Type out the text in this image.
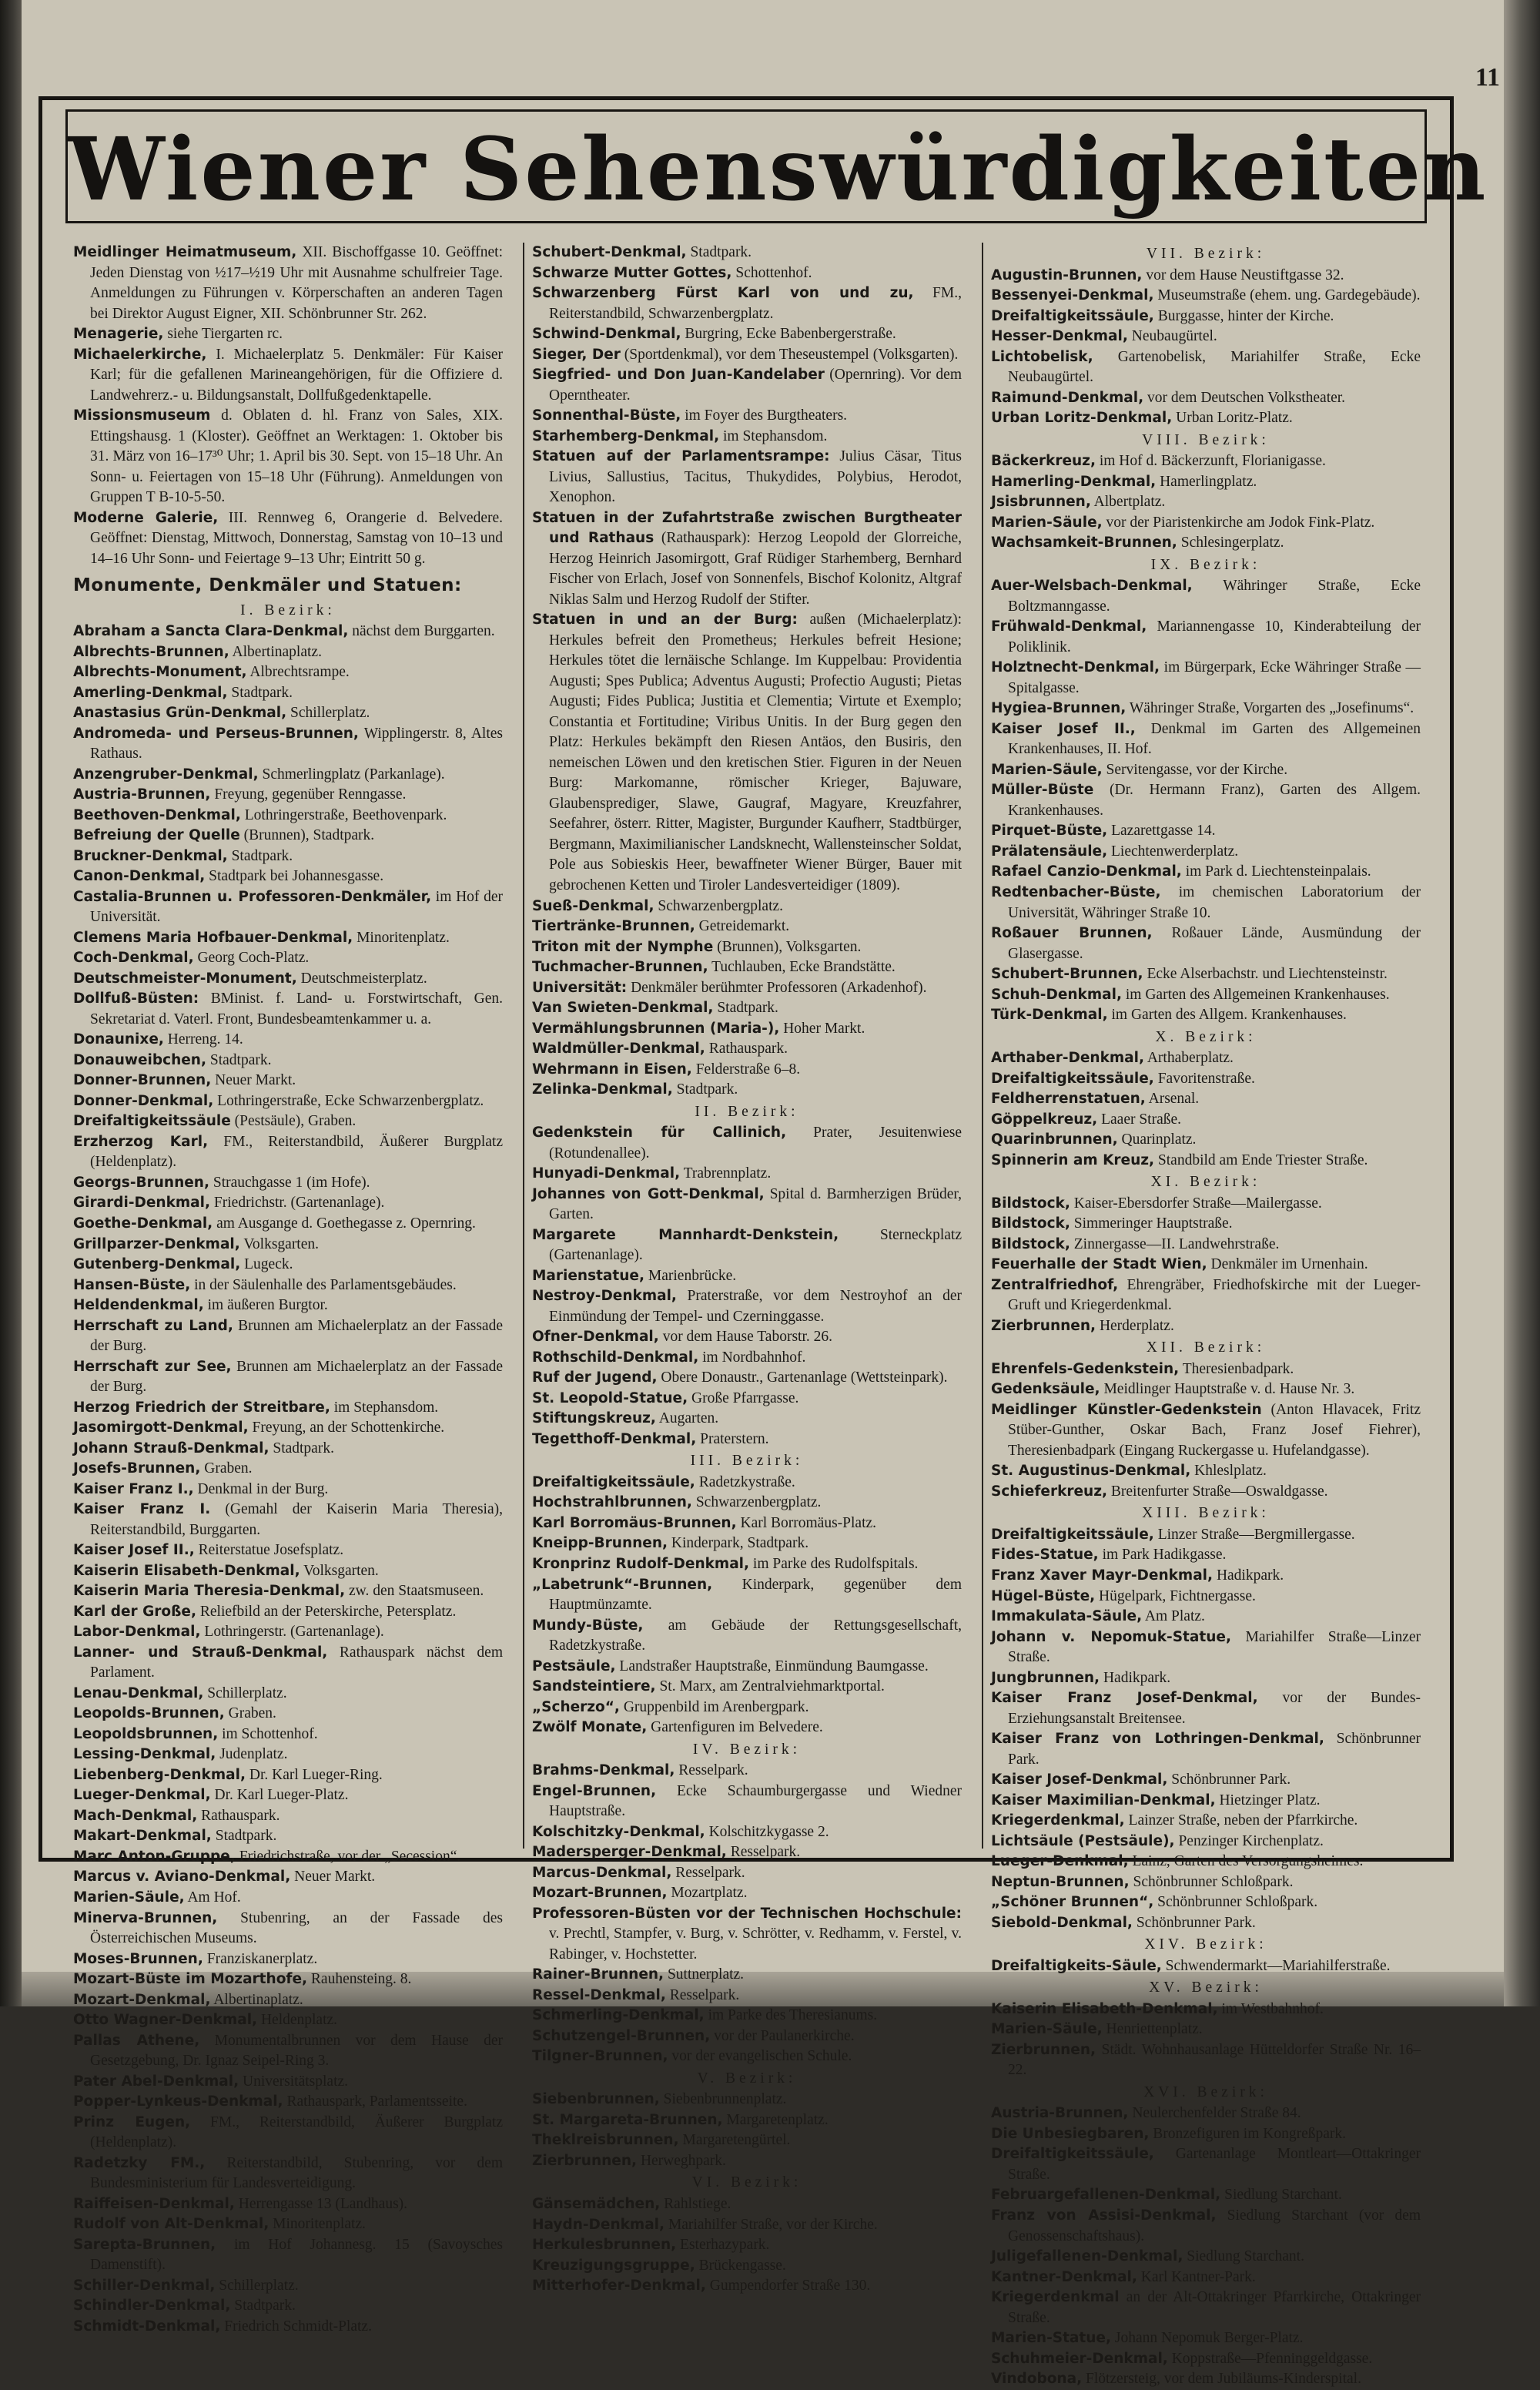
11
Wiener Sehenswürdigkeiten

Meidlinger Heimatmuseum, XII. Bischoffgasse 10. Geöffnet: Jeden Dienstag von ½17–½19 Uhr mit Ausnahme schulfreier Tage. Anmeldungen zu Führungen v. Körperschaften an anderen Tagen bei Direktor August Eigner, XII. Schönbrunner Str. 262.

Menagerie, siehe Tiergarten rc.

Michaelerkirche, I. Michaelerplatz 5. Denkmäler: Für Kaiser Karl; für die gefallenen Marineangehörigen, für die Offiziere d. Landwehrerz.- u. Bildungsanstalt, Dollfußgedenktapelle.

Missionsmuseum d. Oblaten d. hl. Franz von Sales, XIX. Ettingshausg. 1 (Kloster). Geöffnet an Werktagen: 1. Oktober bis 31. März von 16–17³⁰ Uhr; 1. April bis 30. Sept. von 15–18 Uhr. An Sonn- u. Feiertagen von 15–18 Uhr (Führung). Anmeldungen von Gruppen T B-10-5-50.

Moderne Galerie, III. Rennweg 6, Orangerie d. Belvedere. Geöffnet: Dienstag, Mittwoch, Donnerstag, Samstag von 10–13 und 14–16 Uhr Sonn- und Feiertage 9–13 Uhr; Eintritt 50 g.

Monumente, Denkmäler und Statuen:
I. Bezirk:

Abraham a Sancta Clara-Denkmal, nächst dem Burggarten.

Albrechts-Brunnen, Albertinaplatz.

Albrechts-Monument, Albrechtsrampe.

Amerling-Denkmal, Stadtpark.

Anastasius Grün-Denkmal, Schillerplatz.

Andromeda- und Perseus-Brunnen, Wipplingerstr. 8, Altes Rathaus.

Anzengruber-Denkmal, Schmerlingplatz (Parkanlage).

Austria-Brunnen, Freyung, gegenüber Renngasse.

Beethoven-Denkmal, Lothringerstraße, Beethovenpark.

Befreiung der Quelle (Brunnen), Stadtpark.

Bruckner-Denkmal, Stadtpark.

Canon-Denkmal, Stadtpark bei Johannesgasse.

Castalia-Brunnen u. Professoren-Denkmäler, im Hof der Universität.

Clemens Maria Hofbauer-Denkmal, Minoritenplatz.

Coch-Denkmal, Georg Coch-Platz.

Deutschmeister-Monument, Deutschmeisterplatz.

Dollfuß-Büsten: BMinist. f. Land- u. Forstwirtschaft, Gen. Sekretariat d. Vaterl. Front, Bundesbeamtenkammer u. a.

Donaunixe, Herreng. 14.

Donauweibchen, Stadtpark.

Donner-Brunnen, Neuer Markt.

Donner-Denkmal, Lothringerstraße, Ecke Schwarzenbergplatz.

Dreifaltigkeitssäule (Pestsäule), Graben.

Erzherzog Karl, FM., Reiterstandbild, Äußerer Burgplatz (Heldenplatz).

Georgs-Brunnen, Strauchgasse 1 (im Hofe).

Girardi-Denkmal, Friedrichstr. (Gartenanlage).

Goethe-Denkmal, am Ausgange d. Goethegasse z. Opernring.

Grillparzer-Denkmal, Volksgarten.

Gutenberg-Denkmal, Lugeck.

Hansen-Büste, in der Säulenhalle des Parlamentsgebäudes.

Heldendenkmal, im äußeren Burgtor.

Herrschaft zu Land, Brunnen am Michaelerplatz an der Fassade der Burg.

Herrschaft zur See, Brunnen am Michaelerplatz an der Fassade der Burg.

Herzog Friedrich der Streitbare, im Stephansdom.

Jasomirgott-Denkmal, Freyung, an der Schottenkirche.

Johann Strauß-Denkmal, Stadtpark.

Josefs-Brunnen, Graben.

Kaiser Franz I., Denkmal in der Burg.

Kaiser Franz I. (Gemahl der Kaiserin Maria Theresia), Reiterstandbild, Burggarten.

Kaiser Josef II., Reiterstatue Josefsplatz.

Kaiserin Elisabeth-Denkmal, Volksgarten.

Kaiserin Maria Theresia-Denkmal, zw. den Staatsmuseen.

Karl der Große, Reliefbild an der Peterskirche, Petersplatz.

Labor-Denkmal, Lothringerstr. (Gartenanlage).

Lanner- und Strauß-Denkmal, Rathauspark nächst dem Parlament.

Lenau-Denkmal, Schillerplatz.

Leopolds-Brunnen, Graben.

Leopoldsbrunnen, im Schottenhof.

Lessing-Denkmal, Judenplatz.

Liebenberg-Denkmal, Dr. Karl Lueger-Ring.

Lueger-Denkmal, Dr. Karl Lueger-Platz.

Mach-Denkmal, Rathauspark.

Makart-Denkmal, Stadtpark.

Marc Anton-Gruppe, Friedrichstraße, vor der „Secession“.

Marcus v. Aviano-Denkmal, Neuer Markt.

Marien-Säule, Am Hof.

Minerva-Brunnen, Stubenring, an der Fassade des Österreichischen Museums.

Moses-Brunnen, Franziskanerplatz.

Mozart-Büste im Mozarthofe, Rauhensteing. 8.

Mozart-Denkmal, Albertinaplatz.

Otto Wagner-Denkmal, Heldenplatz.

Pallas Athene, Monumentalbrunnen vor dem Hause der Gesetzgebung, Dr. Ignaz Seipel-Ring 3.

Pater Abel-Denkmal, Universitätsplatz.

Popper-Lynkeus-Denkmal, Rathauspark, Parlamentsseite.

Prinz Eugen, FM., Reiterstandbild, Äußerer Burgplatz (Heldenplatz).

Radetzky FM., Reiterstandbild, Stubenring, vor dem Bundesministerium für Landesverteidigung.

Raiffeisen-Denkmal, Herrengasse 13 (Landhaus).

Rudolf von Alt-Denkmal, Minoritenplatz.

Sarepta-Brunnen, im Hof Johannesg. 15 (Savoysches Damenstift).

Schiller-Denkmal, Schillerplatz.

Schindler-Denkmal, Stadtpark.

Schmidt-Denkmal, Friedrich Schmidt-Platz.

Schubert-Denkmal, Stadtpark.

Schwarze Mutter Gottes, Schottenhof.

Schwarzenberg Fürst Karl von und zu, FM., Reiterstandbild, Schwarzenbergplatz.

Schwind-Denkmal, Burgring, Ecke Babenbergerstraße.

Sieger, Der (Sportdenkmal), vor dem Theseustempel (Volksgarten).

Siegfried- und Don Juan-Kandelaber (Opernring). Vor dem Operntheater.

Sonnenthal-Büste, im Foyer des Burgtheaters.

Starhemberg-Denkmal, im Stephansdom.

Statuen auf der Parlamentsrampe: Julius Cäsar, Titus Livius, Sallustius, Tacitus, Thukydides, Polybius, Herodot, Xenophon.

Statuen in der Zufahrtstraße zwischen Burgtheater und Rathaus (Rathauspark): Herzog Leopold der Glorreiche, Herzog Heinrich Jasomirgott, Graf Rüdiger Starhemberg, Bernhard Fischer von Erlach, Josef von Sonnenfels, Bischof Kolonitz, Altgraf Niklas Salm und Herzog Rudolf der Stifter.

Statuen in und an der Burg: außen (Michaelerplatz): Herkules befreit den Prometheus; Herkules befreit Hesione; Herkules tötet die lernäische Schlange. Im Kuppelbau: Providentia Augusti; Spes Publica; Adventus Augusti; Profectio Augusti; Pietas Augusti; Fides Publica; Justitia et Clementia; Virtute et Exemplo; Constantia et Fortitudine; Viribus Unitis. In der Burg gegen den Platz: Herkules bekämpft den Riesen Antäos, den Busiris, den nemeischen Löwen und den kretischen Stier. Figuren in der Neuen Burg: Markomanne, römischer Krieger, Bajuware, Glaubensprediger, Slawe, Gaugraf, Magyare, Kreuzfahrer, Seefahrer, österr. Ritter, Magister, Burgunder Kaufherr, Stadtbürger, Bergmann, Maximilianischer Landsknecht, Wallensteinscher Soldat, Pole aus Sobieskis Heer, bewaffneter Wiener Bürger, Bauer mit gebrochenen Ketten und Tiroler Landesverteidiger (1809).

Sueß-Denkmal, Schwarzenbergplatz.

Tiertränke-Brunnen, Getreidemarkt.

Triton mit der Nymphe (Brunnen), Volksgarten.

Tuchmacher-Brunnen, Tuchlauben, Ecke Brandstätte.

Universität: Denkmäler berühmter Professoren (Arkadenhof).

Van Swieten-Denkmal, Stadtpark.

Vermählungsbrunnen (Maria-), Hoher Markt.

Waldmüller-Denkmal, Rathauspark.

Wehrmann in Eisen, Felderstraße 6–8.

Zelinka-Denkmal, Stadtpark.

II. Bezirk:

Gedenkstein für Callinich, Prater, Jesuitenwiese (Rotundenallee).

Hunyadi-Denkmal, Trabrennplatz.

Johannes von Gott-Denkmal, Spital d. Barmherzigen Brüder, Garten.

Margarete Mannhardt-Denkstein, Sterneckplatz (Gartenanlage).

Marienstatue, Marienbrücke.

Nestroy-Denkmal, Praterstraße, vor dem Nestroyhof an der Einmündung der Tempel- und Czerninggasse.

Ofner-Denkmal, vor dem Hause Taborstr. 26.

Rothschild-Denkmal, im Nordbahnhof.

Ruf der Jugend, Obere Donaustr., Gartenanlage (Wettsteinpark).

St. Leopold-Statue, Große Pfarrgasse.

Stiftungskreuz, Augarten.

Tegetthoff-Denkmal, Praterstern.

III. Bezirk:

Dreifaltigkeitssäule, Radetzkystraße.

Hochstrahlbrunnen, Schwarzenbergplatz.

Karl Borromäus-Brunnen, Karl Borromäus-Platz.

Kneipp-Brunnen, Kinderpark, Stadtpark.

Kronprinz Rudolf-Denkmal, im Parke des Rudolfspitals.

„Labetrunk“-Brunnen, Kinderpark, gegenüber dem Hauptmünzamte.

Mundy-Büste, am Gebäude der Rettungsgesellschaft, Radetzkystraße.

Pestsäule, Landstraßer Hauptstraße, Einmündung Baumgasse.

Sandsteintiere, St. Marx, am Zentralviehmarktportal.

„Scherzo“, Gruppenbild im Arenbergpark.

Zwölf Monate, Gartenfiguren im Belvedere.

IV. Bezirk:

Brahms-Denkmal, Resselpark.

Engel-Brunnen, Ecke Schaumburgergasse und Wiedner Hauptstraße.

Kolschitzky-Denkmal, Kolschitzkygasse 2.

Madersperger-Denkmal, Resselpark.

Marcus-Denkmal, Resselpark.

Mozart-Brunnen, Mozartplatz.

Professoren-Büsten vor der Technischen Hochschule: v. Prechtl, Stampfer, v. Burg, v. Schrötter, v. Redhamm, v. Ferstel, v. Rabinger, v. Hochstetter.

Rainer-Brunnen, Suttnerplatz.

Ressel-Denkmal, Resselpark.

Schmerling-Denkmal, im Parke des Theresianums.

Schutzengel-Brunnen, vor der Paulanerkirche.

Tilgner-Brunnen, vor der evangelischen Schule.

V. Bezirk:

Siebenbrunnen, Siebenbrunnenplatz.

St. Margareta-Brunnen, Margaretenplatz.

Theklreisbrunnen, Margaretengürtel.

Zierbrunnen, Herweghpark.

VI. Bezirk:

Gänsemädchen, Rahlstiege.

Haydn-Denkmal, Mariahilfer Straße, vor der Kirche.

Herkulesbrunnen, Esterhazypark.

Kreuzigungsgruppe, Brückengasse.

Mitterhofer-Denkmal, Gumpendorfer Straße 130.

VII. Bezirk:

Augustin-Brunnen, vor dem Hause Neustiftgasse 32.

Bessenyei-Denkmal, Museumstraße (ehem. ung. Gardegebäude).

Dreifaltigkeitssäule, Burggasse, hinter der Kirche.

Hesser-Denkmal, Neubaugürtel.

Lichtobelisk, Gartenobelisk, Mariahilfer Straße, Ecke Neubaugürtel.

Raimund-Denkmal, vor dem Deutschen Volkstheater.

Urban Loritz-Denkmal, Urban Loritz-Platz.

VIII. Bezirk:

Bäckerkreuz, im Hof d. Bäckerzunft, Florianigasse.

Hamerling-Denkmal, Hamerlingplatz.

Jsisbrunnen, Albertplatz.

Marien-Säule, vor der Piaristenkirche am Jodok Fink-Platz.

Wachsamkeit-Brunnen, Schlesingerplatz.

IX. Bezirk:

Auer-Welsbach-Denkmal, Währinger Straße, Ecke Boltzmanngasse.

Frühwald-Denkmal, Mariannengasse 10, Kinderabteilung der Poliklinik.

Holztnecht-Denkmal, im Bürgerpark, Ecke Währinger Straße —Spitalgasse.

Hygiea-Brunnen, Währinger Straße, Vorgarten des „Josefinums“.

Kaiser Josef II., Denkmal im Garten des Allgemeinen Krankenhauses, II. Hof.

Marien-Säule, Servitengasse, vor der Kirche.

Müller-Büste (Dr. Hermann Franz), Garten des Allgem. Krankenhauses.

Pirquet-Büste, Lazarettgasse 14.

Prälatensäule, Liechtenwerderplatz.

Rafael Canzio-Denkmal, im Park d. Liechtensteinpalais.

Redtenbacher-Büste, im chemischen Laboratorium der Universität, Währinger Straße 10.

Roßauer Brunnen, Roßauer Lände, Ausmündung der Glasergasse.

Schubert-Brunnen, Ecke Alserbachstr. und Liechtensteinstr.

Schuh-Denkmal, im Garten des Allgemeinen Krankenhauses.

Türk-Denkmal, im Garten des Allgem. Krankenhauses.

X. Bezirk:

Arthaber-Denkmal, Arthaberplatz.

Dreifaltigkeitssäule, Favoritenstraße.

Feldherrenstatuen, Arsenal.

Göppelkreuz, Laaer Straße.

Quarinbrunnen, Quarinplatz.

Spinnerin am Kreuz, Standbild am Ende Triester Straße.

XI. Bezirk:

Bildstock, Kaiser-Ebersdorfer Straße—Mailergasse.

Bildstock, Simmeringer Hauptstraße.

Bildstock, Zinnergasse—II. Landwehrstraße.

Feuerhalle der Stadt Wien, Denkmäler im Urnenhain.

Zentralfriedhof, Ehrengräber, Friedhofskirche mit der Lueger-Gruft und Kriegerdenkmal.

Zierbrunnen, Herderplatz.

XII. Bezirk:

Ehrenfels-Gedenkstein, Theresienbadpark.

Gedenksäule, Meidlinger Hauptstraße v. d. Hause Nr. 3.

Meidlinger Künstler-Gedenkstein (Anton Hlavacek, Fritz Stüber-Gunther, Oskar Bach, Franz Josef Fiehrer), Theresienbadpark (Eingang Ruckergasse u. Hufelandgasse).

St. Augustinus-Denkmal, Khleslplatz.

Schieferkreuz, Breitenfurter Straße—Oswaldgasse.

XIII. Bezirk:

Dreifaltigkeitssäule, Linzer Straße—Bergmillergasse.

Fides-Statue, im Park Hadikgasse.

Franz Xaver Mayr-Denkmal, Hadikpark.

Hügel-Büste, Hügelpark, Fichtnergasse.

Immakulata-Säule, Am Platz.

Johann v. Nepomuk-Statue, Mariahilfer Straße—Linzer Straße.

Jungbrunnen, Hadikpark.

Kaiser Franz Josef-Denkmal, vor der Bundes-Erziehungsanstalt Breitensee.

Kaiser Franz von Lothringen-Denkmal, Schönbrunner Park.

Kaiser Josef-Denkmal, Schönbrunner Park.

Kaiser Maximilian-Denkmal, Hietzinger Platz.

Kriegerdenkmal, Lainzer Straße, neben der Pfarrkirche.

Lichtsäule (Pestsäule), Penzinger Kirchenplatz.

Lueger-Denkmal, Lainz, Garten des Versorgungsheimes.

Neptun-Brunnen, Schönbrunner Schloßpark.

„Schöner Brunnen“, Schönbrunner Schloßpark.

Siebold-Denkmal, Schönbrunner Park.

XIV. Bezirk:

Dreifaltigkeits-Säule, Schwendermarkt—Mariahilferstraße.

XV. Bezirk:

Kaiserin Elisabeth-Denkmal, im Westbahnhof.

Marien-Säule, Henriettenplatz.

Zierbrunnen, Städt. Wohnhausanlage Hütteldorfer Straße Nr. 16–22.

XVI. Bezirk:

Austria-Brunnen, Neulerchenfelder Straße 84.

Die Unbesiegbaren, Bronzefiguren im Kongreßpark.

Dreifaltigkeitssäule, Gartenanlage Montleart—Ottakringer Straße.

Februargefallenen-Denkmal, Siedlung Starchant.

Franz von Assisi-Denkmal, Siedlung Starchant (vor dem Genossenschaftshaus).

Juligefallenen-Denkmal, Siedlung Starchant.

Kantner-Denkmal, Karl Kantner-Park.

Kriegerdenkmal an der Alt-Ottakringer Pfarrkirche, Ottakringer Straße.

Marien-Statue, Johann Nepomuk Berger-Platz.

Schuhmeier-Denkmal, Koppstraße—Pfenninggeldgasse.

Vindobona, Flötzersteig, vor dem Jubiläums-Kinderspital.
